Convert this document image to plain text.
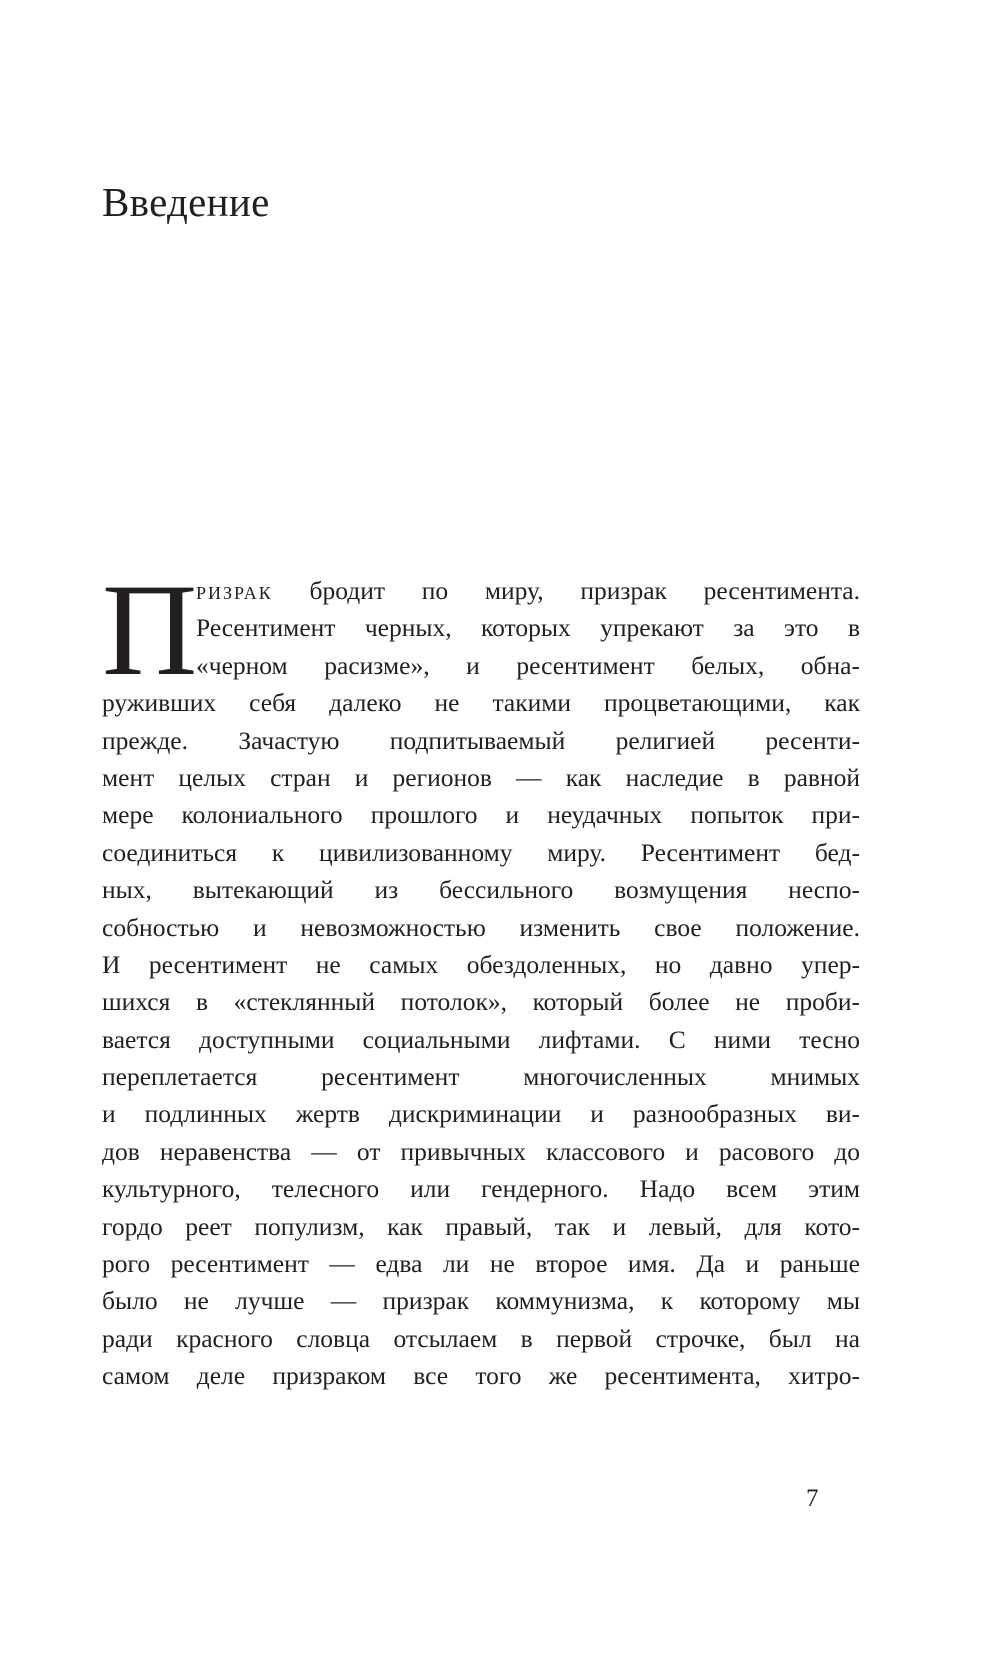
Введение
П
ризрак бродит по миру, призрак ресентимента.
Ресентимент черных, которых упрекают за это в
«черном расизме», и ресентимент белых, обна-
руживших себя далеко не такими процветающими, как
прежде. Зачастую подпитываемый религией ресенти-
мент целых стран и регионов — как наследие в равной
мере колониального прошлого и неудачных попыток при-
соединиться к цивилизованному миру. Ресентимент бед-
ных, вытекающий из бессильного возмущения неспо-
собностью и невозможностью изменить свое положение.
И ресентимент не самых обездоленных, но давно упер-
шихся в «стеклянный потолок», который более не проби-
вается доступными социальными лифтами. С ними тесно
переплетается ресентимент многочисленных мнимых
и подлинных жертв дискриминации и разнообразных ви-
дов неравенства — от привычных классового и расового до
культурного, телесного или гендерного. Надо всем этим
гордо реет популизм, как правый, так и левый, для кото-
рого ресентимент — едва ли не второе имя. Да и раньше
было не лучше — призрак коммунизма, к которому мы
ради красного словца отсылаем в первой строчке, был на
самом деле призраком все того же ресентимента, хитро-
7
